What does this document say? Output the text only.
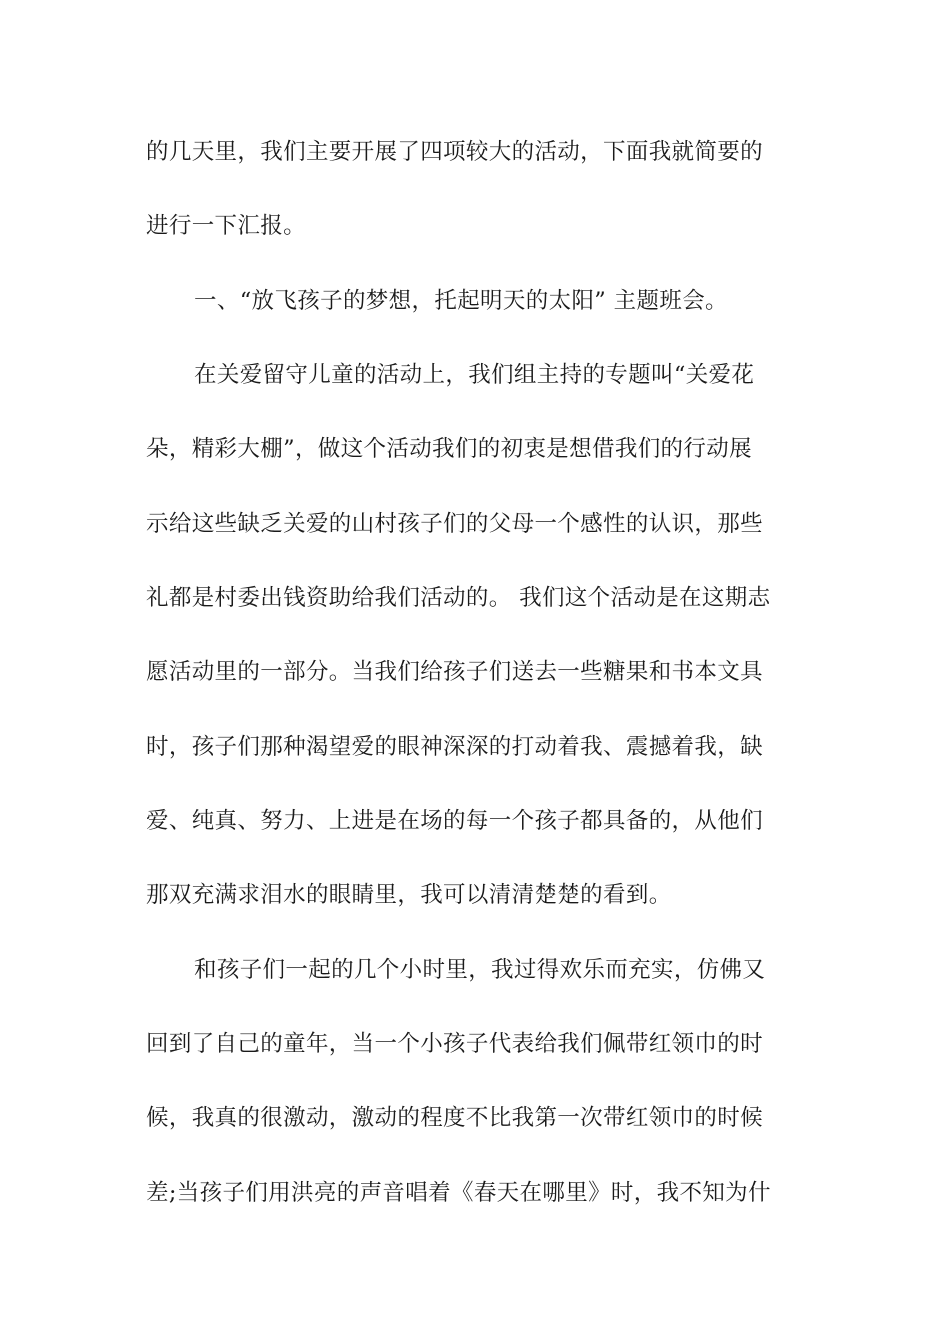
的几天里，我们主要开展了四项较大的活动，下面我就简要的
进行一下汇报。
一、“放飞孩子的梦想，托起明天的太阳” 主题班会。
在关爱留守儿童的活动上，我们组主持的专题叫“关爱花
朵，精彩大棚”，做这个活动我们的初衷是想借我们的行动展
示给这些缺乏关爱的山村孩子们的父母一个感性的认识，那些
礼都是村委出钱资助给我们活动的。 我们这个活动是在这期志
愿活动里的一部分。当我们给孩子们送去一些糖果和书本文具
时，孩子们那种渴望爱的眼神深深的打动着我、震撼着我，缺
爱、纯真、努力、上进是在场的每一个孩子都具备的，从他们
那双充满求泪水的眼睛里，我可以清清楚楚的看到。
和孩子们一起的几个小时里，我过得欢乐而充实，仿佛又
回到了自己的童年，当一个小孩子代表给我们佩带红领巾的时
候，我真的很激动，激动的程度不比我第一次带红领巾的时候
差;当孩子们用洪亮的声音唱着《春天在哪里》时，我不知为什
